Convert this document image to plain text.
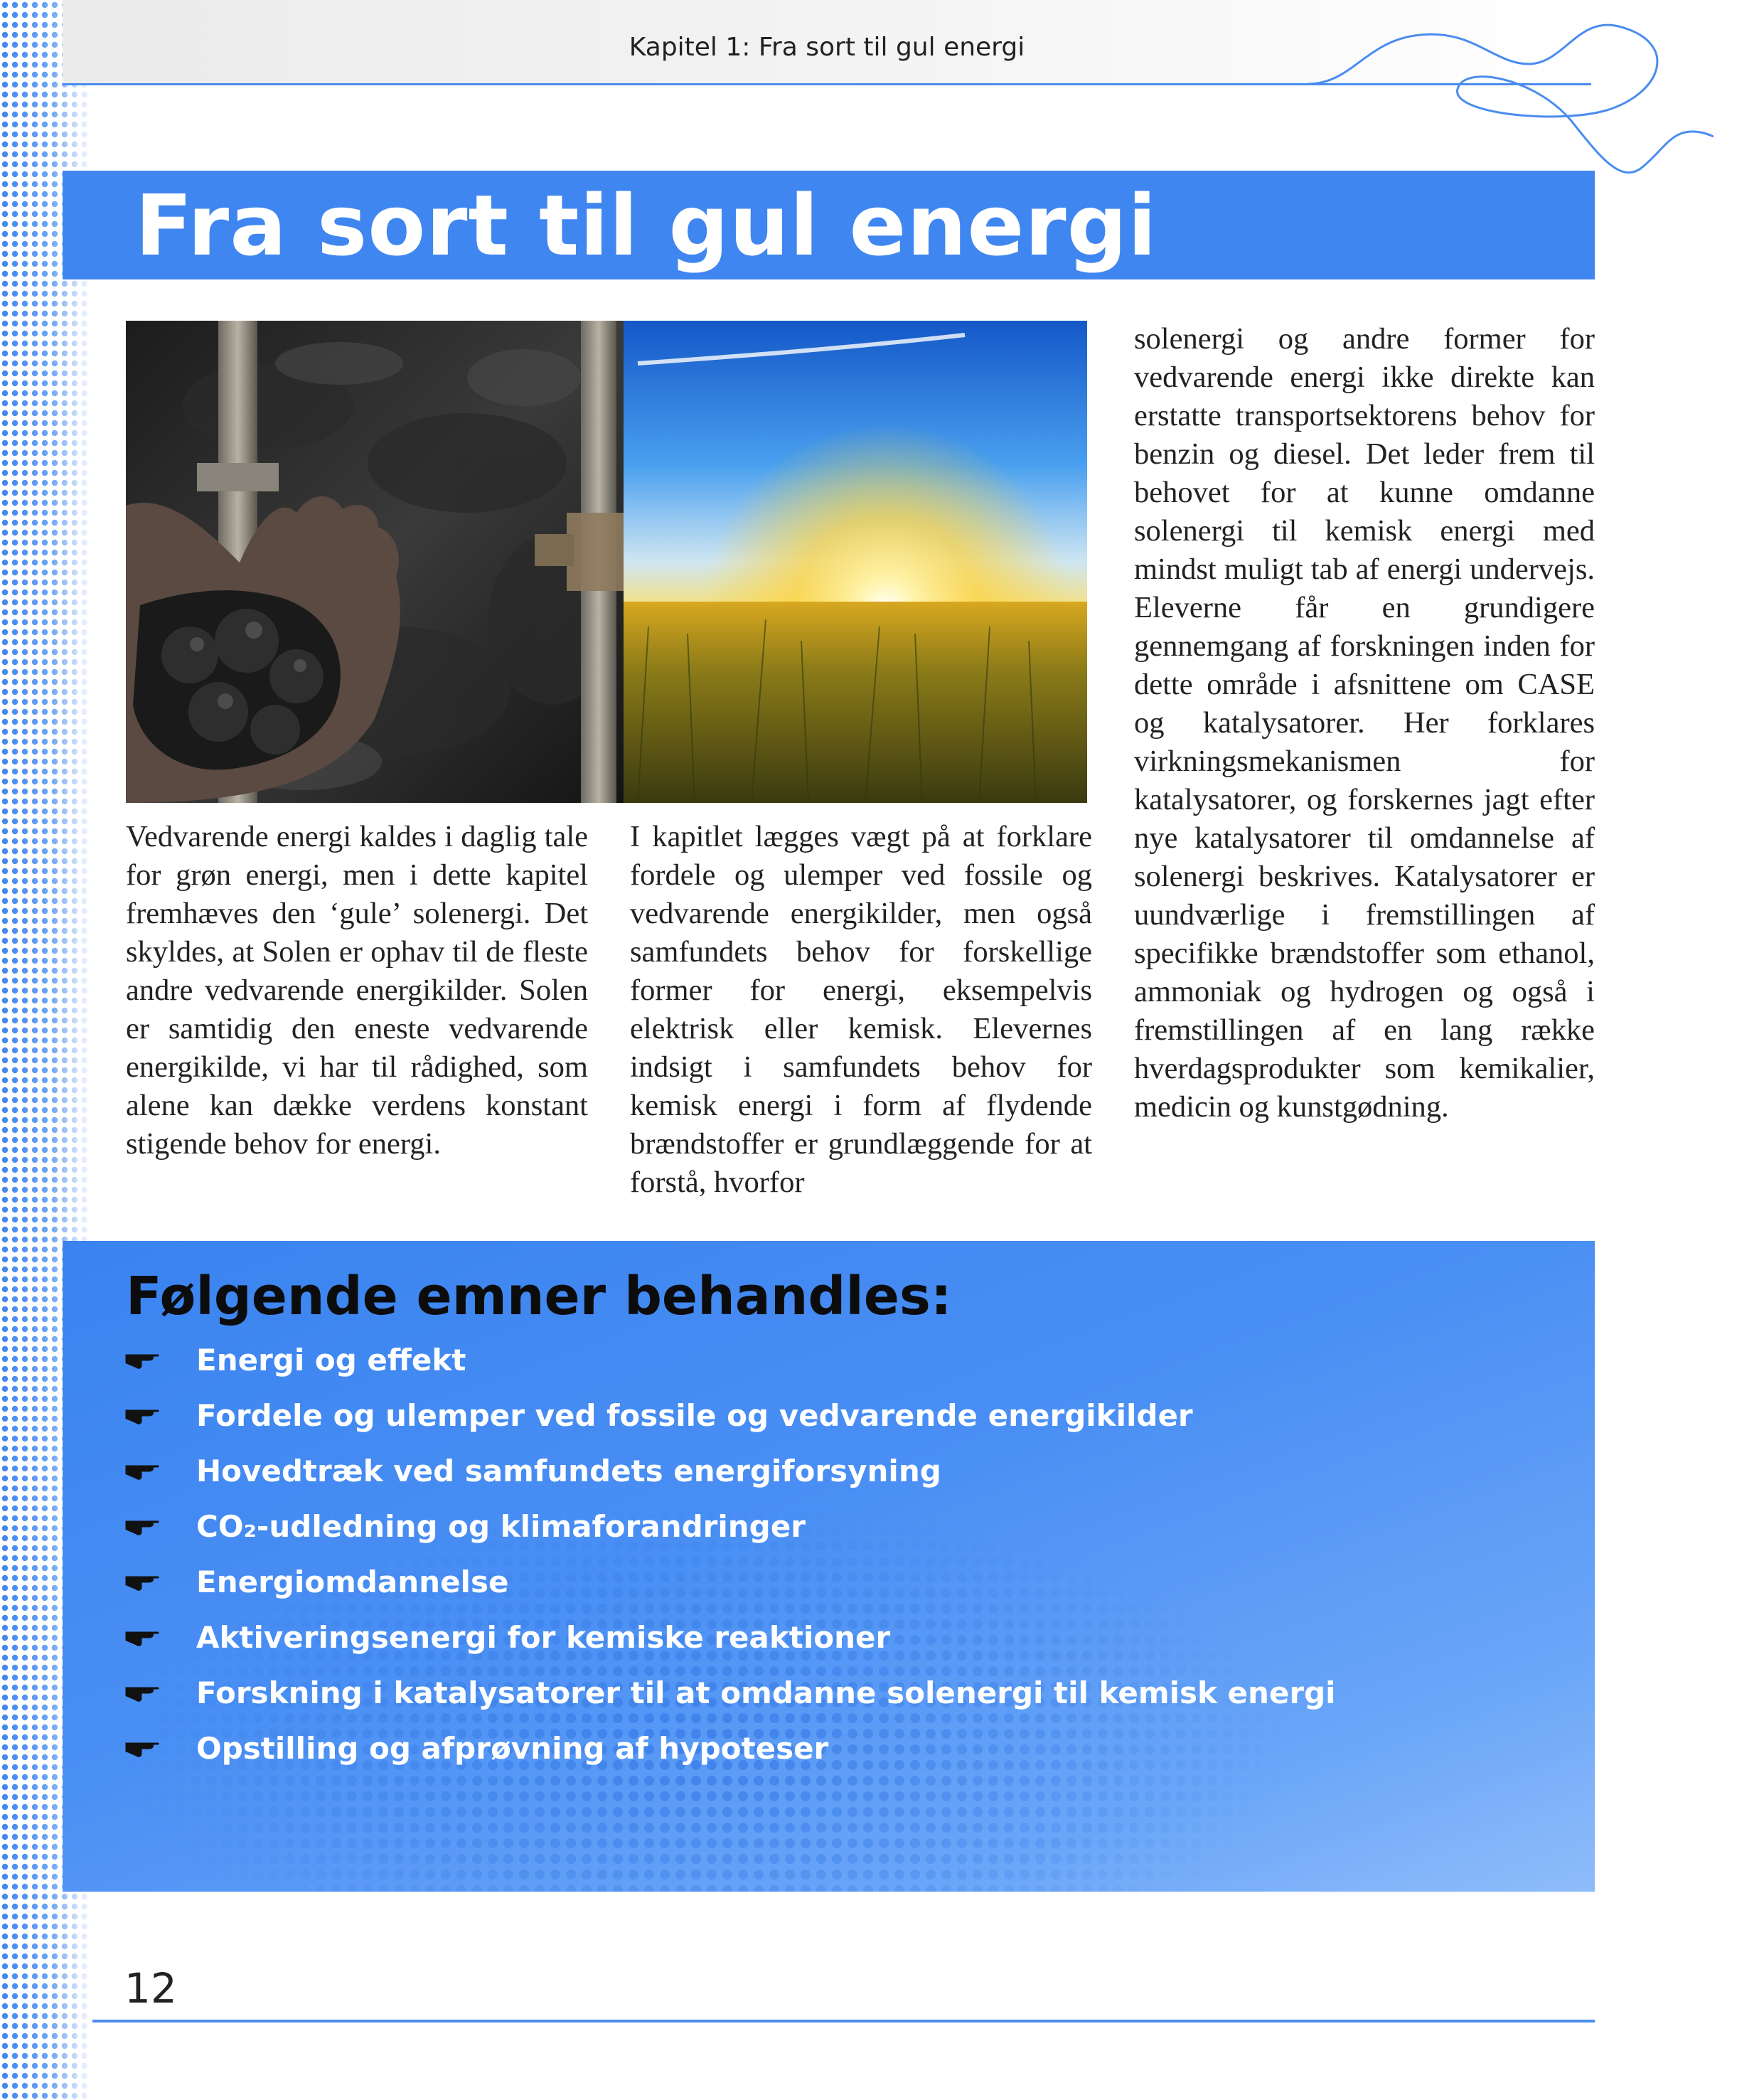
Kapitel 1: Fra sort til gul energi
Fra sort til gul energi
Vedvarende energi kaldes i daglig tale for grøn energi, men i dette kapitel fremhæves den ‘gule’ solenergi. Det skyldes, at Solen er ophav til de fleste andre vedvarende energikilder. Solen er samtidig den eneste vedvarende energikilde, vi har til rådighed, som alene kan dække verdens konstant stigende behov for energi.
I kapitlet lægges vægt på at forklare fordele og ulemper ved fossile og vedvarende energikilder, men også samfundets behov for forskellige former for energi, eksempelvis elektrisk eller kemisk. Elevernes indsigt i samfundets behov for kemisk energi i form af flydende brændstoffer er grundlæggende for at forstå, hvorfor
solenergi og andre former for vedvarende energi ikke direkte kan erstatte transportsektorens behov for benzin og diesel. Det leder frem til behovet for at kunne omdanne solenergi til kemisk energi med mindst muligt tab af energi undervejs. Eleverne får en grundigere gennemgang af forskningen inden for dette område i afsnittene om CASE og katalysatorer. Her forklares virkningsmekanismen for katalysatorer, og forskernes jagt efter nye katalysatorer til omdannelse af solenergi beskrives. Katalysatorer er uundværlige i fremstillingen af specifikke brændstoffer som ethanol, ammoniak og hydrogen og også i fremstillingen af en lang række hverdagsprodukter som kemikalier, medicin og kunstgødning.
Følgende emner behandles:
Energi og effekt
Fordele og ulemper ved fossile og vedvarende energikilder
Hovedtræk ved samfundets energiforsyning
CO₂-udledning og klimaforandringer
Energiomdannelse
Aktiveringsenergi for kemiske reaktioner
Forskning i katalysatorer til at omdanne solenergi til kemisk energi
Opstilling og afprøvning af hypoteser
12
